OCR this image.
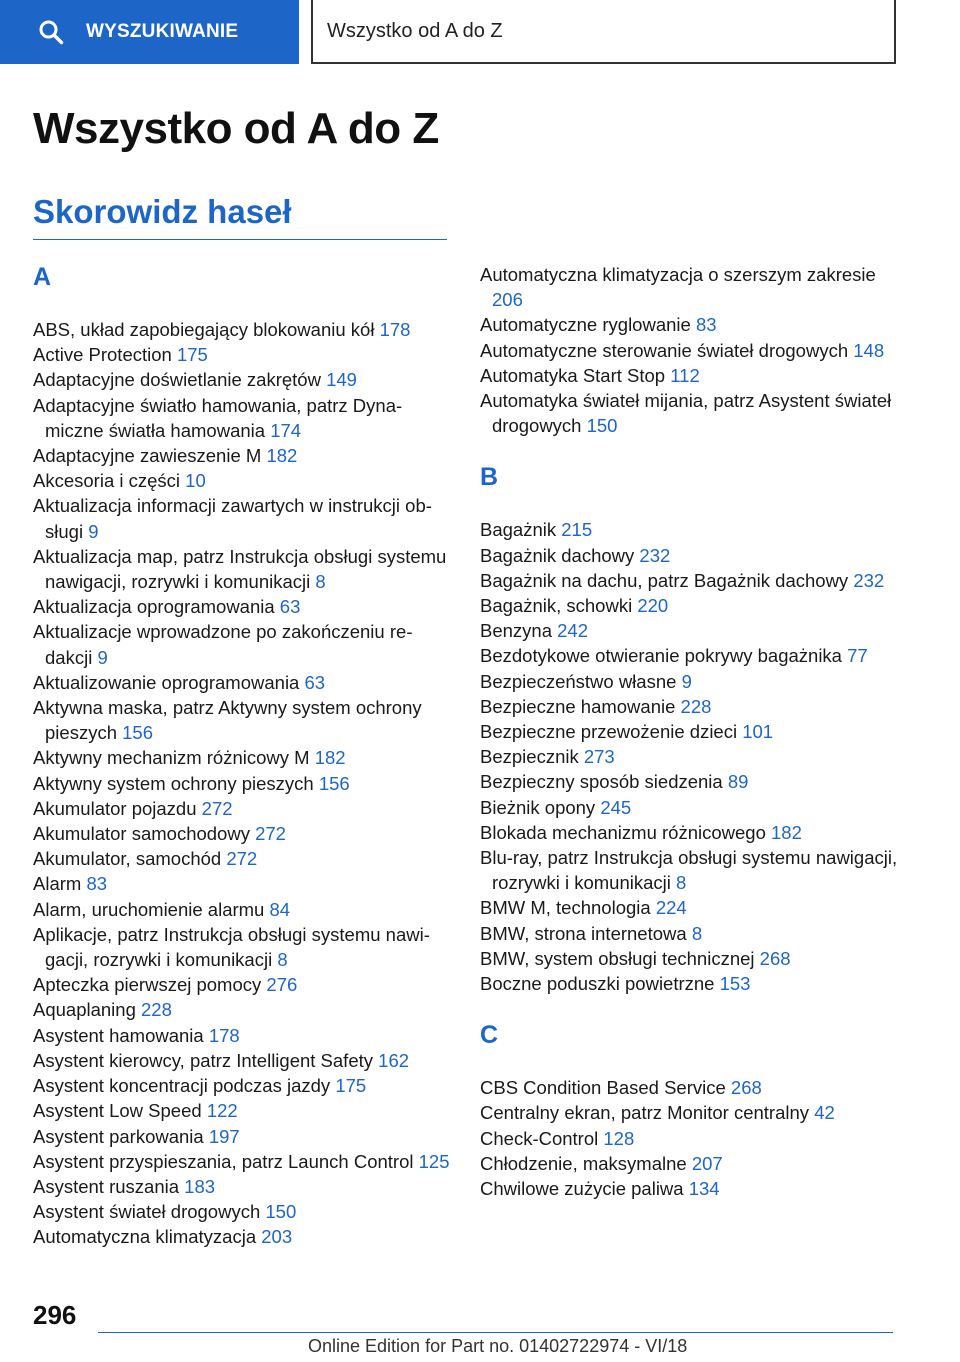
WYSZUKIWANIE	Wszystko od A do Z
Wszystko od A do Z
Skorowidz haseł
A
ABS, układ zapobiegający blokowaniu kół 178
Active Protection 175
Adaptacyjne doświetlanie zakrętów 149
Adaptacyjne światło hamowania, patrz Dynamiczne światła hamowania 174
Adaptacyjne zawieszenie M 182
Akcesoria i części 10
Aktualizacja informacji zawartych w instrukcji obsługi 9
Aktualizacja map, patrz Instrukcja obsługi systemu nawigacji, rozrywki i komunikacji 8
Aktualizacja oprogramowania 63
Aktualizacje wprowadzone po zakończeniu redakcji 9
Aktualizowanie oprogramowania 63
Aktywna maska, patrz Aktywny system ochrony pieszych 156
Aktywny mechanizm różnicowy M 182
Aktywny system ochrony pieszych 156
Akumulator pojazdu 272
Akumulator samochodowy 272
Akumulator, samochód 272
Alarm 83
Alarm, uruchomienie alarmu 84
Aplikacje, patrz Instrukcja obsługi systemu nawigacji, rozrywki i komunikacji 8
Apteczka pierwszej pomocy 276
Aquaplaning 228
Asystent hamowania 178
Asystent kierowcy, patrz Intelligent Safety 162
Asystent koncentracji podczas jazdy 175
Asystent Low Speed 122
Asystent parkowania 197
Asystent przyspieszania, patrz Launch Control 125
Asystent ruszania 183
Asystent świateł drogowych 150
Automatyczna klimatyzacja 203
Automatyczna klimatyzacja o szerszym zakresie 206
Automatyczne ryglowanie 83
Automatyczne sterowanie świateł drogowych 148
Automatyka Start Stop 112
Automatyka świateł mijania, patrz Asystent świateł drogowych 150
B
Bagażnik 215
Bagażnik dachowy 232
Bagażnik na dachu, patrz Bagażnik dachowy 232
Bagażnik, schowki 220
Benzyna 242
Bezdotykowe otwieranie pokrywy bagażnika 77
Bezpieczeństwo własne 9
Bezpieczne hamowanie 228
Bezpieczne przewożenie dzieci 101
Bezpiecznik 273
Bezpieczny sposób siedzenia 89
Bieżnik opony 245
Blokada mechanizmu różnicowego 182
Blu-ray, patrz Instrukcja obsługi systemu nawigacji, rozrywki i komunikacji 8
BMW M, technologia 224
BMW, strona internetowa 8
BMW, system obsługi technicznej 268
Boczne poduszki powietrzne 153
C
CBS Condition Based Service 268
Centralny ekran, patrz Monitor centralny 42
Check-Control 128
Chłodzenie, maksymalne 207
Chwilowe zużycie paliwa 134
296
Online Edition for Part no. 01402722974 - VI/18
